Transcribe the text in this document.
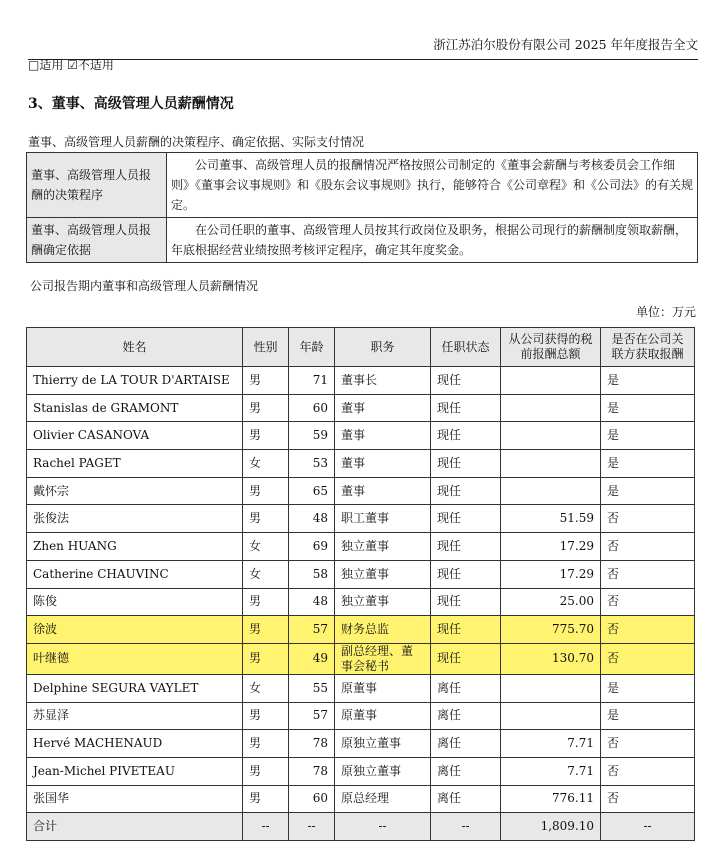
浙江苏泊尔股份有限公司 2025 年年度报告全文
□适用 ☑不适用
3、董事、高级管理人员薪酬情况
董事、高级管理人员薪酬的决策程序、确定依据、实际支付情况
董事、高级管理人员报酬的决策程序	公司董事、高级管理人员的报酬情况严格按照公司制定的《董事会薪酬与考核委员会工作细则》《董事会议事规则》和《股东会议事规则》执行，能够符合《公司章程》和《公司法》的有关规定。
董事、高级管理人员报酬确定依据	在公司任职的董事、高级管理人员按其行政岗位及职务，根据公司现行的薪酬制度领取薪酬，年底根据经营业绩按照考核评定程序，确定其年度奖金。
公司报告期内董事和高级管理人员薪酬情况
单位：万元
姓名	性别	年龄	职务	任职状态	从公司获得的税前报酬总额	是否在公司关联方获取报酬
Thierry de LA TOUR D'ARTAISE	男	71	董事长	现任		是
Stanislas de GRAMONT	男	60	董事	现任		是
Olivier CASANOVA	男	59	董事	现任		是
Rachel PAGET	女	53	董事	现任		是
戴怀宗	男	65	董事	现任		是
张俊法	男	48	职工董事	现任	51.59	否
Zhen HUANG	女	69	独立董事	现任	17.29	否
Catherine CHAUVINC	女	58	独立董事	现任	17.29	否
陈俊	男	48	独立董事	现任	25.00	否
徐波	男	57	财务总监	现任	775.70	否
叶继德	男	49	副总经理、董事会秘书	现任	130.70	否
Delphine SEGURA VAYLET	女	55	原董事	离任		是
苏显泽	男	57	原董事	离任		是
Hervé MACHENAUD	男	78	原独立董事	离任	7.71	否
Jean-Michel PIVETEAU	男	78	原独立董事	离任	7.71	否
张国华	男	60	原总经理	离任	776.11	否
合计	--	--	--	--	1,809.10	--
